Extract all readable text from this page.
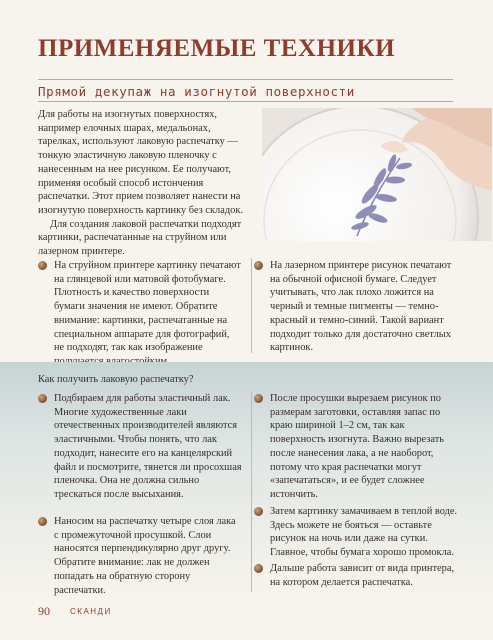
ПРИМЕНЯЕМЫЕ ТЕХНИКИ
Прямой декупаж на изогнутой поверхности

Для работы на изогнутых поверхностях, например елочных шарах, медальонах, тарелках, используют лаковую распечатку — тонкую эластичную лаковую пленочку с нанесенным на нее рисунком. Ее получают, применяя особый способ истончения распечатки. Этот прием позволяет нанести на изогнутую поверхность картинку без складок.

Для создания лаковой распечатки подходят картинки, распечатанные на струйном или лазерном принтере.

На струйном принтере картинку печатают на глянцевой или матовой фотобумаге. Плотность и качество поверхности бумаги значения не имеют. Обратите внимание: картинки, распечатанные на специальном аппарате для фотографий, не подходят, так как изображение
На лазерном принтере рисунок печатают на обычной офисной бумаге. Следует учитывать, что лак плохо ложится на черный и темные пигменты — темно-красный и темно-синий. Такой вариант подходит только для достаточно светлых картинок.

Как получить лаковую распечатку?

Подбираем для работы эластичный лак. Многие художественные лаки отечественных производителей являются эластичными. Чтобы понять, что лак подходит, нанесите его на канцелярский файл и посмотрите, тянется ли просохшая пленочка. Она не должна сильно трескаться после высыхания.
Наносим на распечатку четыре слоя лака с промежуточной просушкой. Слои наносятся перпендикулярно друг другу. Обратите внимание: лак не должен попадать на обратную сторону распечатки.
После просушки вырезаем рисунок по размерам заготовки, оставляя запас по краю шириной 1–2 см, так как поверхность изогнута. Важно вырезать после нанесения лака, а не наоборот, потому что края распечатки могут «запечататься», и ее будет сложнее истончить.
Затем картинку замачиваем в теплой воде. Здесь можете не бояться — оставьте рисунок на ночь или даже на сутки. Главное, чтобы бумага хорошо промокла.
Дальше работа зависит от вида принтера, на котором делается распечатка.
90	СКАНДИ
